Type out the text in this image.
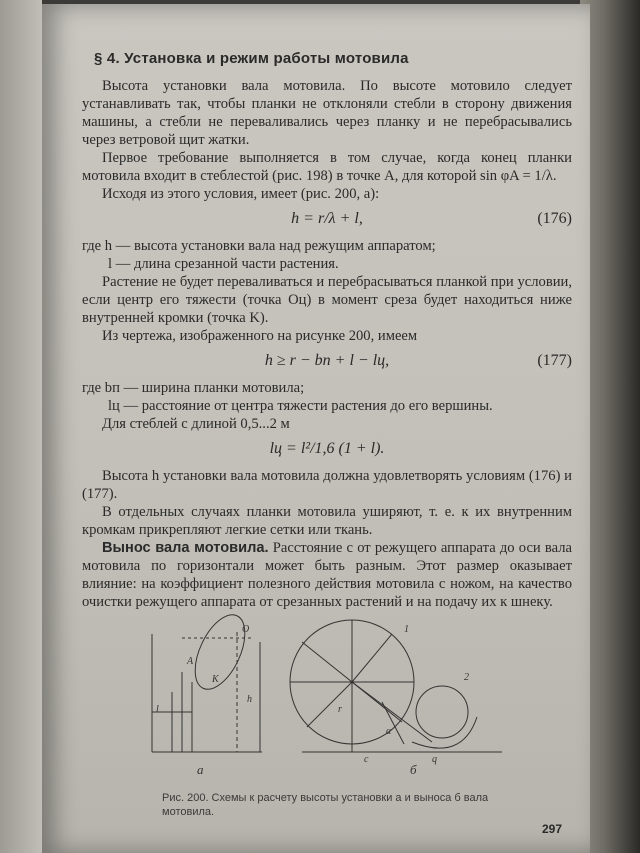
§ 4. Установка и режим работы мотовила

Высота установки вала мотовила. По высоте мотовило следует устанавливать так, чтобы планки не отклоняли стебли в сторону движения машины, а стебли не переваливались через планку и не перебрасывались через ветровой щит жатки.

Первое требование выполняется в том случае, когда конец планки мотовила входит в стеблестой (рис. 198) в точке A, для которой sin φA = 1/λ.

Исходя из этого условия, имеет (рис. 200, a):

h = r/λ + l,	(176)

где h — высота установки вала над режущим аппаратом;

l — длина срезанной части растения.

Растение не будет переваливаться и перебрасываться планкой при условии, если центр его тяжести (точка Oц) в момент среза будет находиться ниже внутренней кромки (точка K).

Из чертежа, изображенного на рисунке 200, имеем

h ≥ r − bп + l − lц,	(177)

где bп — ширина планки мотовила;

lц — расстояние от центра тяжести растения до его вершины.

Для стеблей с длиной 0,5...2 м

lц = l²/1,6 (1 + l).

Высота h установки вала мотовила должна удовлетворять условиям (176) и (177).

В отдельных случаях планки мотовила уширяют, т. е. к их внутренним кромкам прикрепляют легкие сетки или ткань.

Вынос вала мотовила. Расстояние c от режущего аппарата до оси вала мотовила по горизонтали может быть разным. Этот размер оказывает влияние: на коэффициент полезного действия мотовила с ножом, на качество очистки режущего аппарата от срезанных растений и на подачу их к шнеку.

O
A
K
l
h
а
1
2
r
α
c	q
б
Рис. 200. Схемы к расчету высоты установки a и выноса б вала мотовила.
297
